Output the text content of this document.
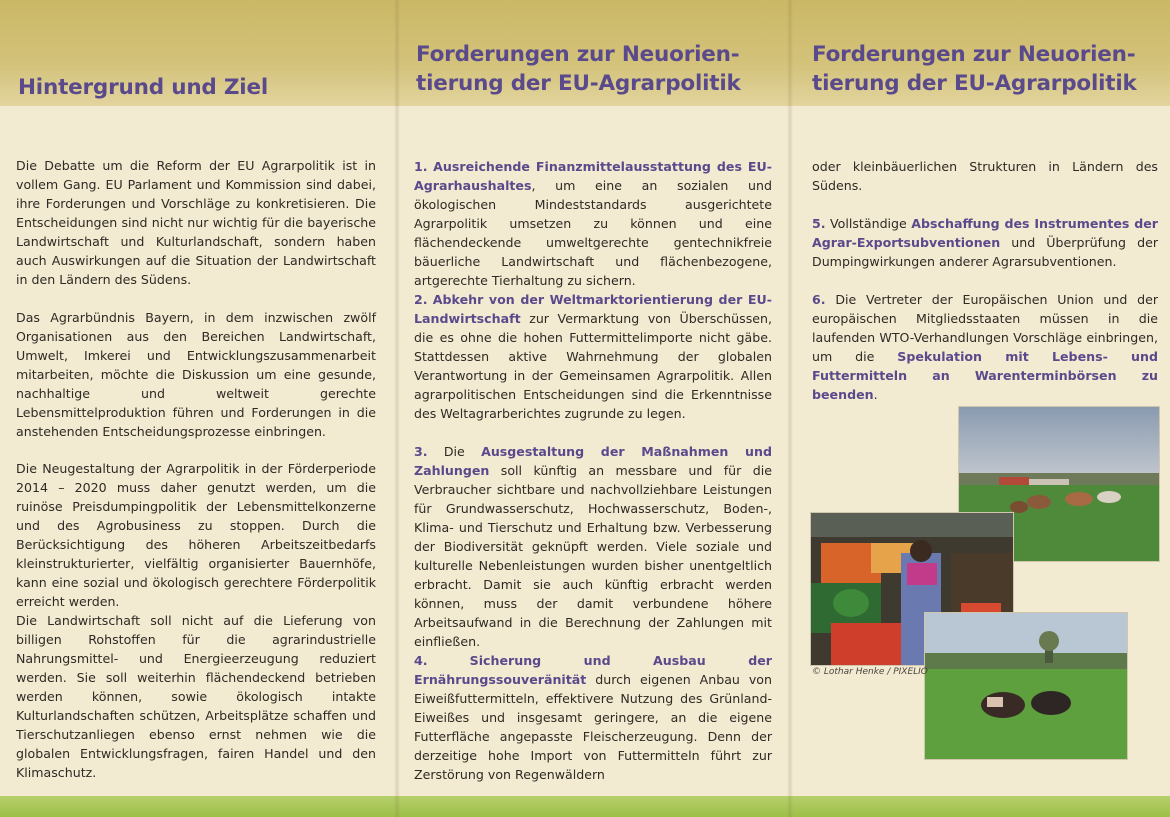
Hintergrund und Ziel

Die Debatte um die Reform der EU Agrarpolitik ist in vollem Gang. EU Parlament und Kommission sind dabei, ihre Forderungen und Vorschläge zu konkretisieren. Die Entscheidungen sind nicht nur wichtig für die bayerische Landwirtschaft und Kulturlandschaft, sondern haben auch Auswirkungen auf die Situation der Landwirtschaft in den Ländern des Südens.

Das Agrarbündnis Bayern, in dem inzwischen zwölf Organisationen aus den Bereichen Landwirtschaft, Umwelt, Imkerei und Entwicklungszusammenarbeit mitarbeiten, möchte die Diskussion um eine gesunde, nachhaltige und weltweit gerechte Lebensmittelproduktion führen und Forderungen in die anstehenden Entscheidungsprozesse einbringen.

Die Neugestaltung der Agrarpolitik in der Förderperiode 2014 – 2020 muss daher genutzt werden, um die ruinöse Preisdumpingpolitik der Lebensmittelkonzerne und des Agrobusiness zu stoppen. Durch die Berücksichtigung des höheren Arbeitszeitbedarfs kleinstrukturierter, vielfältig organisierter Bauernhöfe, kann eine sozial und ökologisch gerechtere Förderpolitik erreicht werden.

Die Landwirtschaft soll nicht auf die Lieferung von billigen Rohstoffen für die agrarindustrielle Nahrungsmittel- und Energieerzeugung reduziert werden. Sie soll weiterhin flächendeckend betrieben werden können, sowie ökologisch intakte Kulturlandschaften schützen, Arbeitsplätze schaffen und Tierschutzanliegen ebenso ernst nehmen wie die globalen Entwicklungsfragen, fairen Handel und den Klimaschutz.

Forderungen zur Neuorien-
tierung der EU-Agrarpolitik

1. Ausreichende Finanzmittelausstattung des EU-Agrarhaushaltes, um eine an sozialen und ökologischen Mindeststandards ausgerichtete Agrarpolitik umsetzen zu können und eine flächendeckende umweltgerechte gentechnikfreie bäuerliche Landwirtschaft und flächenbezogene, artgerechte Tierhaltung zu sichern.

2. Abkehr von der Weltmarktorientierung der EU-Landwirtschaft zur Vermarktung von Überschüssen, die es ohne die hohen Futtermittelimporte nicht gäbe. Stattdessen aktive Wahrnehmung der globalen Verantwortung in der Gemeinsamen Agrarpolitik. Allen agrarpolitischen Entscheidungen sind die Erkenntnisse des Weltagrarberichtes zugrunde zu legen.

3. Die Ausgestaltung der Maßnahmen und Zahlungen soll künftig an messbare und für die Verbraucher sichtbare und nachvollziehbare Leistungen für Grundwasserschutz, Hochwasserschutz, Boden-, Klima- und Tierschutz und Erhaltung bzw. Verbesserung der Biodiversität geknüpft werden. Viele soziale und kulturelle Nebenleistungen wurden bisher unentgeltlich erbracht. Damit sie auch künftig erbracht werden können, muss der damit verbundene höhere Arbeitsaufwand in die Berechnung der Zahlungen mit einfließen.

4.	Sicherung und Ausbau der Ernährungssouveränität durch eigenen Anbau von Eiweißfuttermitteln, effektivere Nutzung des Grünland-Eiweißes und insgesamt geringere, an die eigene Futterfläche angepasste Fleischerzeugung. Denn der derzeitige hohe Import von Futtermitteln führt zur Zerstörung von Regenwäldern

Forderungen zur Neuorien-
tierung der EU-Agrarpolitik

oder kleinbäuerlichen Strukturen in Ländern des Südens.

5. Vollständige Abschaffung des Instrumentes der Agrar-Exportsubventionen und Überprüfung der Dumpingwirkungen anderer Agrarsubventionen.

6. Die Vertreter der Europäischen Union und der europäischen Mitgliedsstaaten müssen in die laufenden WTO-Verhandlungen Vorschläge einbringen, um die Spekulation mit Lebens- und Futtermitteln an Warenterminbörsen zu beenden.

© Lothar Henke / PIXELIO
